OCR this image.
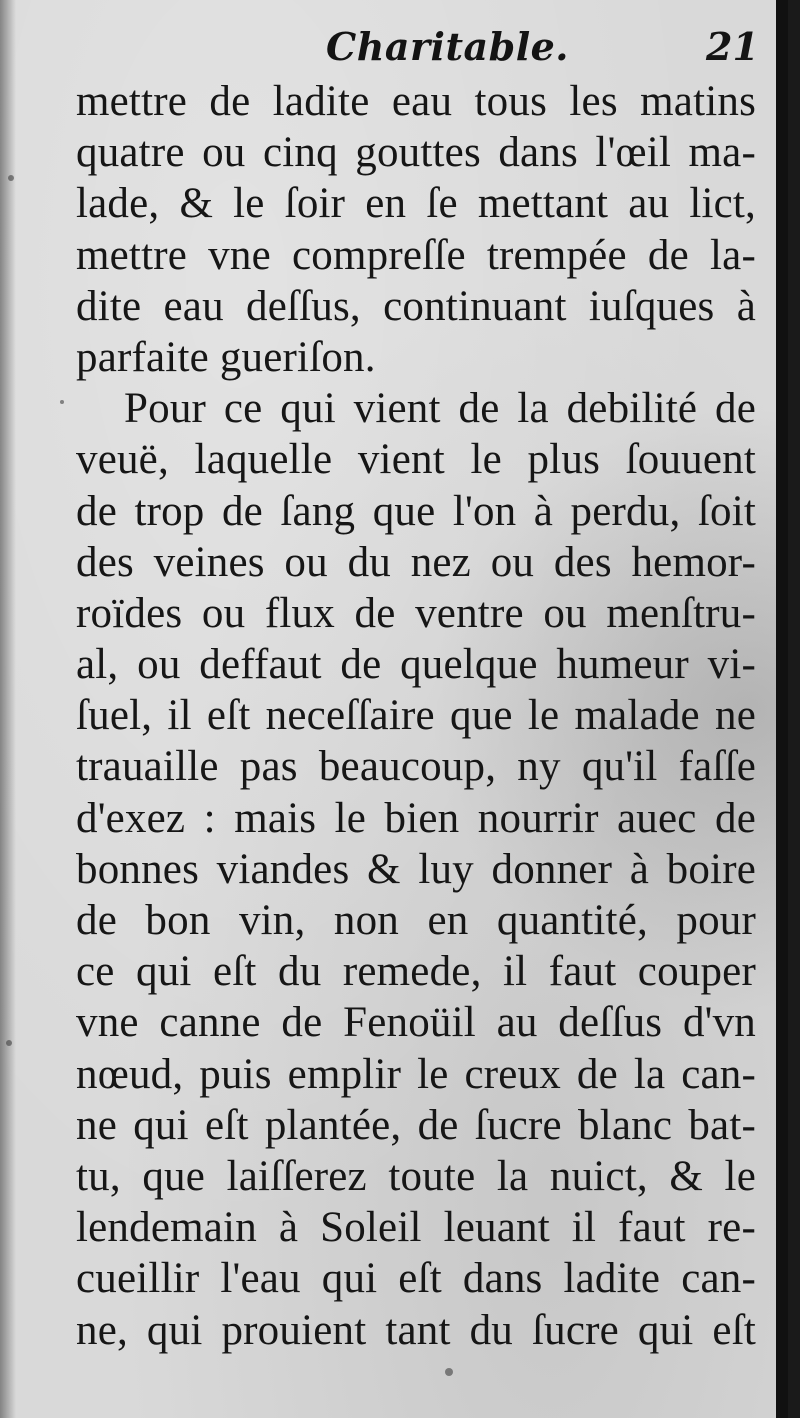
Charitable.	21
mettre de ladite eau tous les matins
quatre ou cinq gouttes dans l'œil ma-
lade, & le ſoir en ſe mettant au lict,
mettre vne compreſſe trempée de la-
dite eau deſſus, continuant iuſques à
parfaite gueriſon.
Pour ce qui vient de la debilité de
veuë, laquelle vient le plus ſouuent
de trop de ſang que l'on à perdu, ſoit
des veines ou du nez ou des hemor-
roïdes ou flux de ventre ou menſtru-
al, ou deffaut de quelque humeur vi-
ſuel, il eſt neceſſaire que le malade ne
trauaille pas beaucoup, ny qu'il faſſe
d'exez : mais le bien nourrir auec de
bonnes viandes & luy donner à boire
de bon vin, non en quantité, pour
ce qui eſt du remede, il faut couper
vne canne de Fenoüil au deſſus d'vn
nœud, puis emplir le creux de la can-
ne qui eſt plantée, de ſucre blanc bat-
tu, que laiſſerez toute la nuict, & le
lendemain à Soleil leuant il faut re-
cueillir l'eau qui eſt dans ladite can-
ne, qui prouient tant du ſucre qui eſt
